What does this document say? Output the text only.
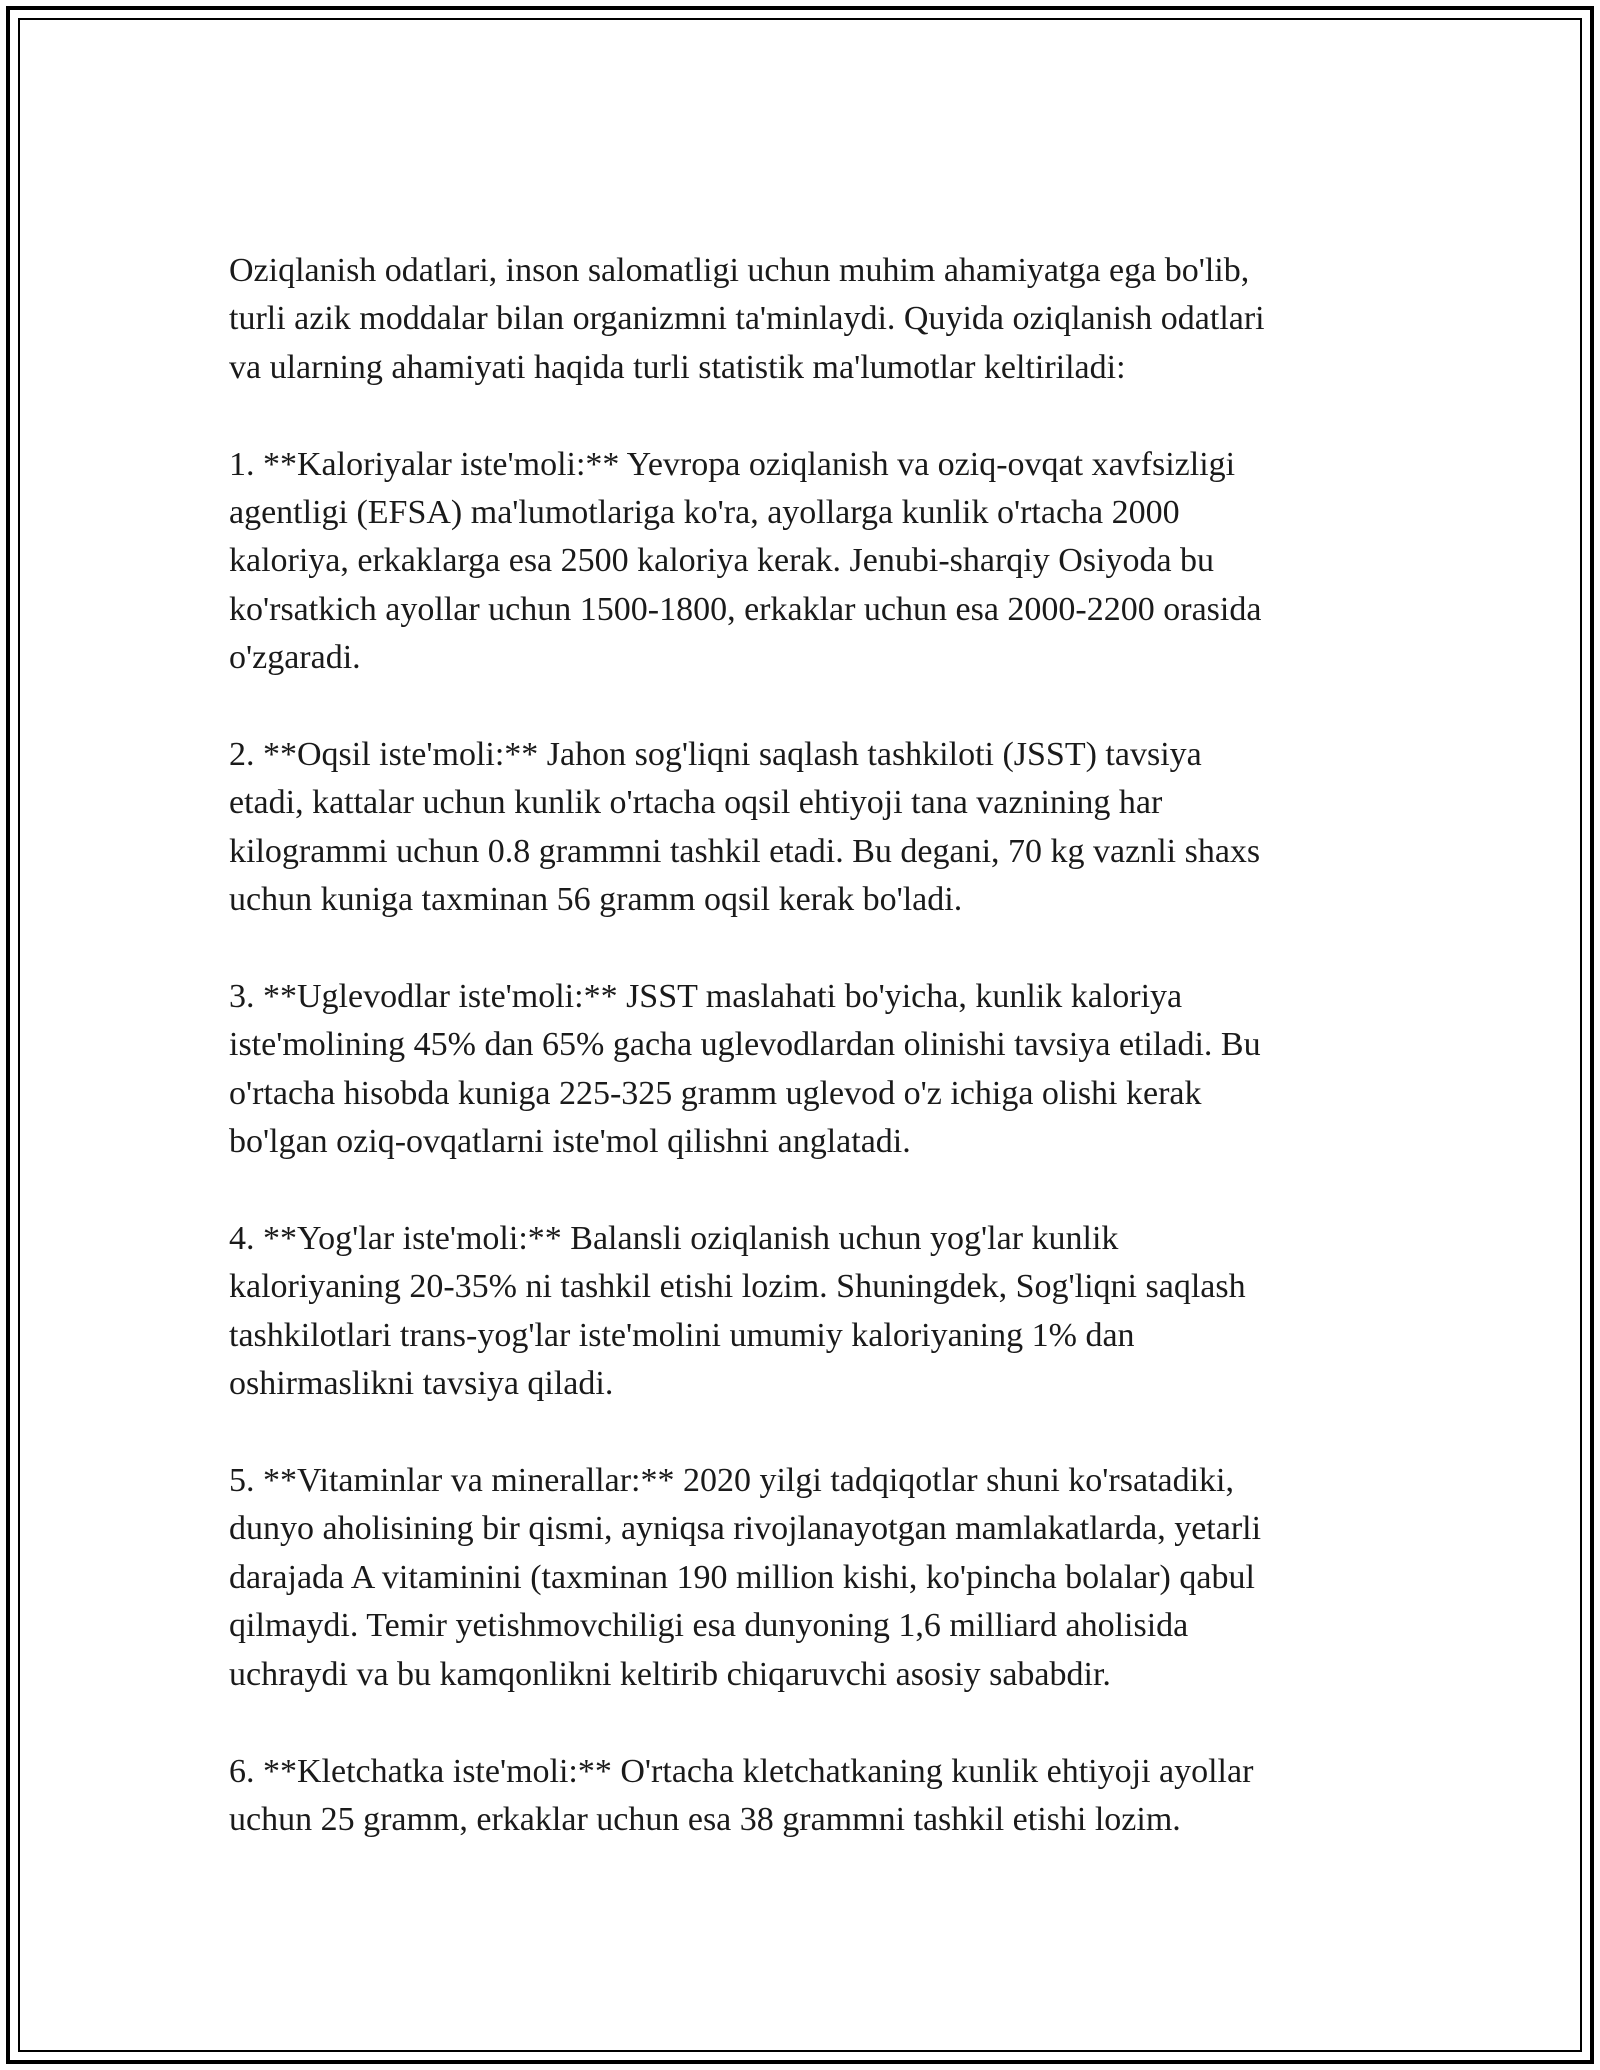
Oziqlanish odatlari, inson salomatligi uchun muhim ahamiyatga ega bo'lib,
turli azik moddalar bilan organizmni ta'minlaydi. Quyida oziqlanish odatlari
va ularning ahamiyati haqida turli statistik ma'lumotlar keltiriladi:

1. **Kaloriyalar iste'moli:** Yevropa oziqlanish va oziq-ovqat xavfsizligi
agentligi (EFSA) ma'lumotlariga ko'ra, ayollarga kunlik o'rtacha 2000
kaloriya, erkaklarga esa 2500 kaloriya kerak. Jenubi-sharqiy Osiyoda bu
ko'rsatkich ayollar uchun 1500-1800, erkaklar uchun esa 2000-2200 orasida
o'zgaradi.

2. **Oqsil iste'moli:** Jahon sog'liqni saqlash tashkiloti (JSST) tavsiya
etadi, kattalar uchun kunlik o'rtacha oqsil ehtiyoji tana vaznining har
kilogrammi uchun 0.8 grammni tashkil etadi. Bu degani, 70 kg vaznli shaxs
uchun kuniga taxminan 56 gramm oqsil kerak bo'ladi.

3. **Uglevodlar iste'moli:** JSST maslahati bo'yicha, kunlik kaloriya
iste'molining 45% dan 65% gacha uglevodlardan olinishi tavsiya etiladi. Bu
o'rtacha hisobda kuniga 225-325 gramm uglevod o'z ichiga olishi kerak
bo'lgan oziq-ovqatlarni iste'mol qilishni anglatadi.

4. **Yog'lar iste'moli:** Balansli oziqlanish uchun yog'lar kunlik
kaloriyaning 20-35% ni tashkil etishi lozim. Shuningdek, Sog'liqni saqlash
tashkilotlari trans-yog'lar iste'molini umumiy kaloriyaning 1% dan
oshirmaslikni tavsiya qiladi.

5. **Vitaminlar va minerallar:** 2020 yilgi tadqiqotlar shuni ko'rsatadiki,
dunyo aholisining bir qismi, ayniqsa rivojlanayotgan mamlakatlarda, yetarli
darajada A vitaminini (taxminan 190 million kishi, ko'pincha bolalar) qabul
qilmaydi. Temir yetishmovchiligi esa dunyoning 1,6 milliard aholisida
uchraydi va bu kamqonlikni keltirib chiqaruvchi asosiy sababdir.

6. **Kletchatka iste'moli:** O'rtacha kletchatkaning kunlik ehtiyoji ayollar
uchun 25 gramm, erkaklar uchun esa 38 grammni tashkil etishi lozim.
